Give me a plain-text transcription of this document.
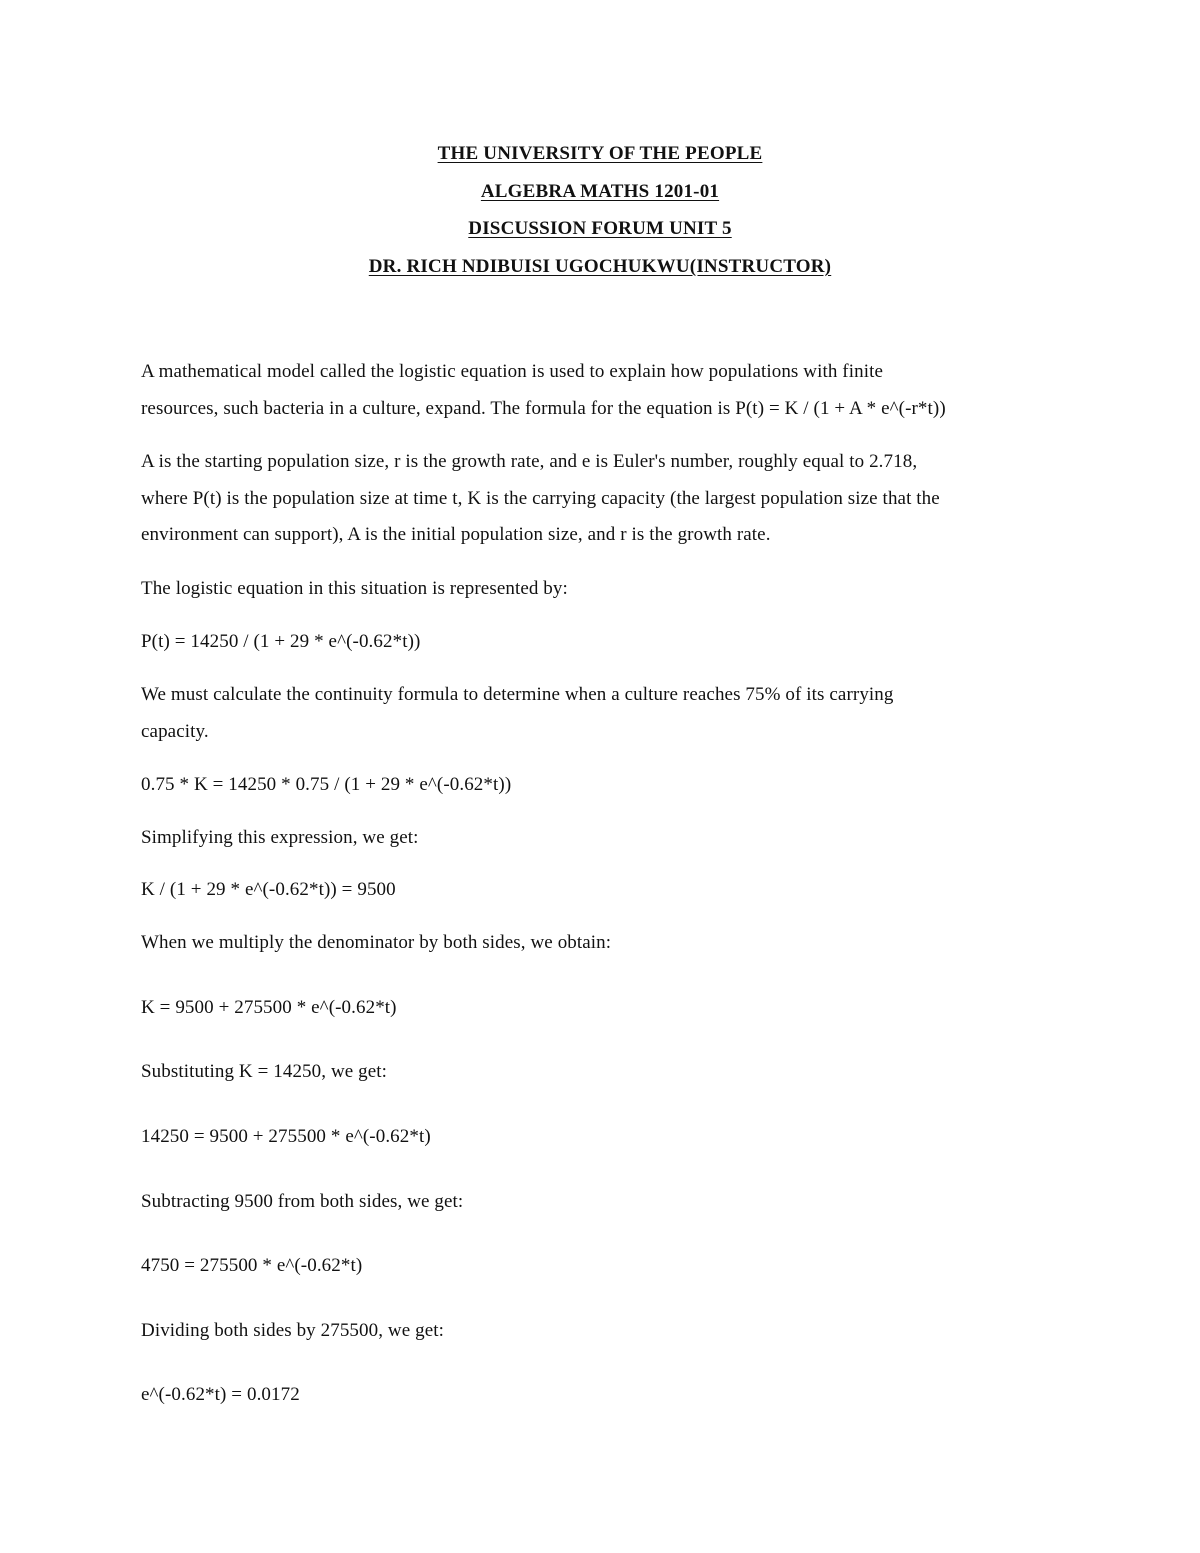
THE UNIVERSITY OF THE PEOPLE
ALGEBRA MATHS 1201-01
DISCUSSION FORUM UNIT 5
DR. RICH NDIBUISI UGOCHUKWU(INSTRUCTOR)
A mathematical model called the logistic equation is used to explain how populations with finite
resources, such bacteria in a culture, expand. The formula for the equation is P(t) = K / (1 + A * e^(-r*t))
A is the starting population size, r is the growth rate, and e is Euler's number, roughly equal to 2.718,
where P(t) is the population size at time t, K is the carrying capacity (the largest population size that the
environment can support), A is the initial population size, and r is the growth rate.
The logistic equation in this situation is represented by:
P(t) = 14250 / (1 + 29 * e^(-0.62*t))
We must calculate the continuity formula to determine when a culture reaches 75% of its carrying
capacity.
0.75 * K = 14250 * 0.75 / (1 + 29 * e^(-0.62*t))
Simplifying this expression, we get:
K / (1 + 29 * e^(-0.62*t)) = 9500
When we multiply the denominator by both sides, we obtain:
K = 9500 + 275500 * e^(-0.62*t)
Substituting K = 14250, we get:
14250 = 9500 + 275500 * e^(-0.62*t)
Subtracting 9500 from both sides, we get:
4750 = 275500 * e^(-0.62*t)
Dividing both sides by 275500, we get:
e^(-0.62*t) = 0.0172
